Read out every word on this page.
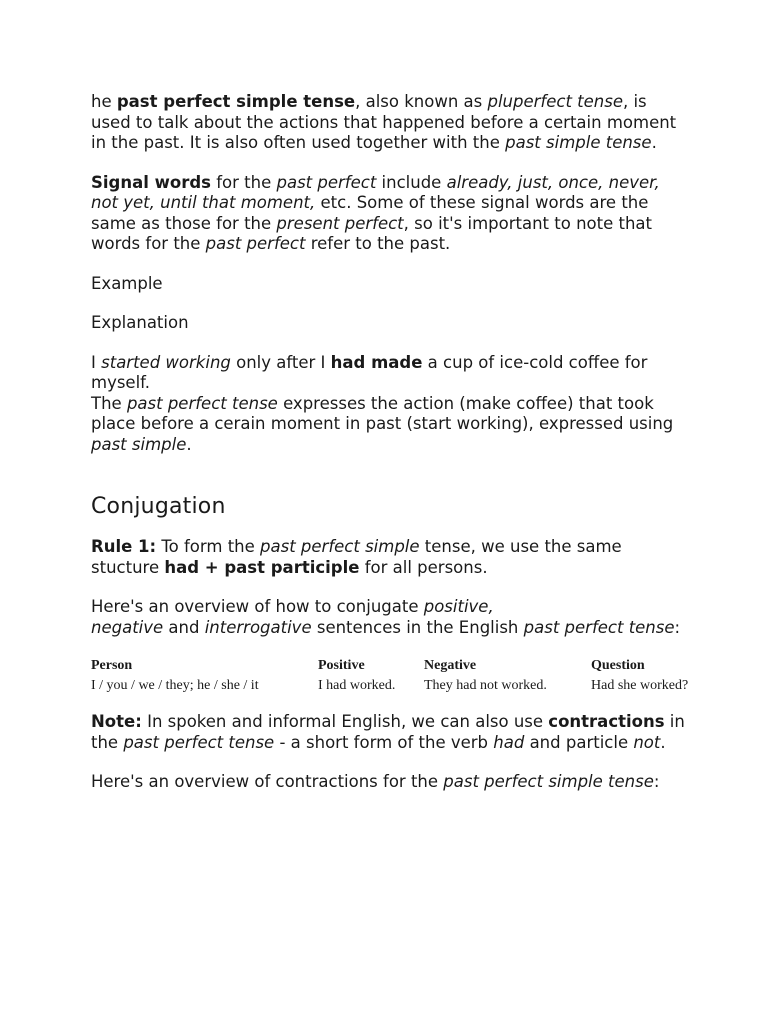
he past perfect simple tense, also known as pluperfect tense, is used to talk about the actions that happened before a certain moment in the past. It is also often used together with the past simple tense.

Signal words for the past perfect include already, just, once, never, not yet, until that moment, etc. Some of these signal words are the same as those for the present perfect, so it's important to note that words for the past perfect refer to the past.

Example

Explanation

I started working only after I had made a cup of ice-cold coffee for myself.

The past perfect tense expresses the action (make coffee) that took place before a cerain moment in past (start working), expressed using past simple.

Conjugation

Rule 1: To form the past perfect simple tense, we use the same stucture had + past participle for all persons.

Here's an overview of how to conjugate positive,
negative and interrogative sentences in the English past perfect tense:

Person	Positive	Negative	Question
I / you / we / they; he / she / it	I had worked.	They had not worked.	Had she worked?

Note: In spoken and informal English, we can also use contractions in the past perfect tense - a short form of the verb had and particle not.

Here's an overview of contractions for the past perfect simple tense:
